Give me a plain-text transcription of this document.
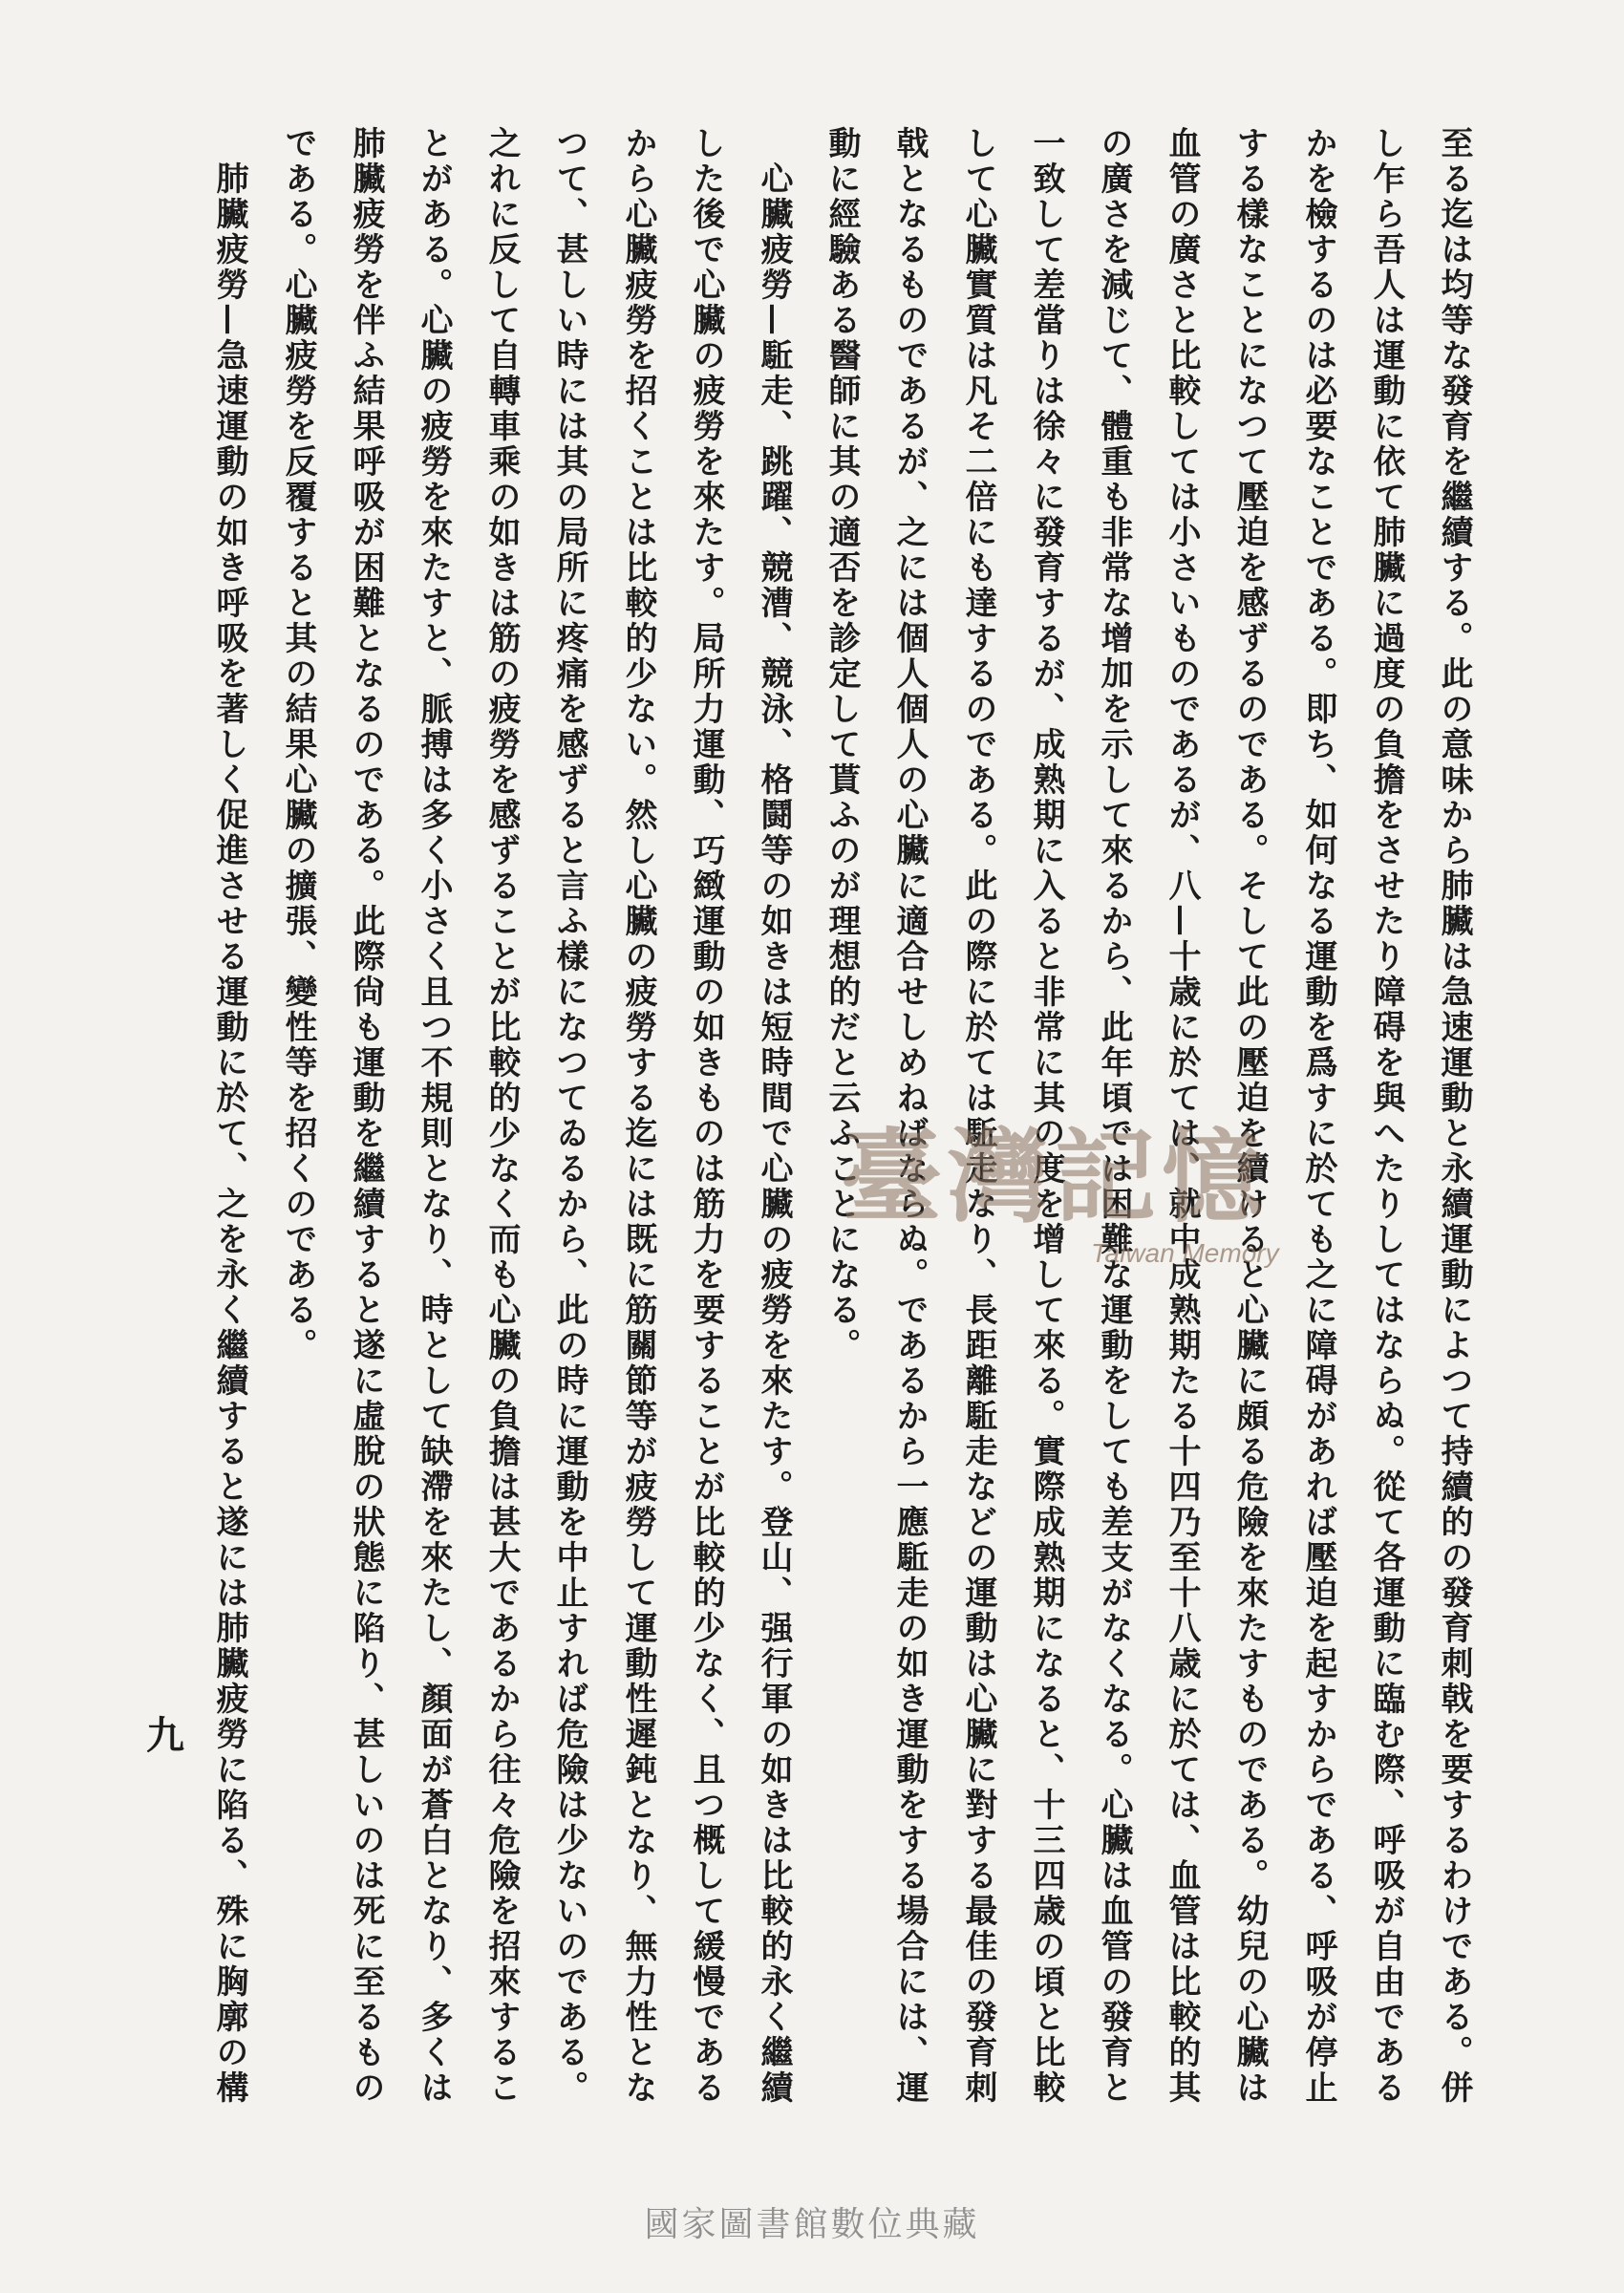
至る迄は均等な發育を繼續する。此の意味から肺臟は急速運動と永續運動によつて持續的の發育刺戟を要するわけである。併
し乍ら吾人は運動に依て肺臟に過度の負擔をさせたり障碍を與へたりしてはならぬ。從て各運動に臨む際、呼吸が自由である
かを檢するのは必要なことである。即ち、如何なる運動を爲すに於ても之に障碍があれば壓迫を起すからである、呼吸が停止
する樣なことになつて壓迫を感ずるのである。そして此の壓迫を續けると心臟に頗る危險を來たすものである。幼兒の心臟は
血管の廣さと比較しては小さいものであるが、八—十歳に於ては、就中成熟期たる十四乃至十八歳に於ては、血管は比較的其
の廣さを減じて、體重も非常な增加を示して來るから、此年頃では困難な運動をしても差支がなくなる。心臟は血管の發育と
一致して差當りは徐々に發育するが、成熟期に入ると非常に其の度を增して來る。實際成熟期になると、十三四歳の頃と比較
して心臟實質は凡そ二倍にも達するのである。此の際に於ては駈走なり、長距離駈走などの運動は心臟に對する最佳の發育刺
戟となるものであるが、之には個人個人の心臟に適合せしめねばならぬ。であるから一應駈走の如き運動をする場合には、運
動に經驗ある醫師に其の適否を診定して貰ふのが理想的だと云ふことになる。
　心臟疲勞—駈走、跳躍、競漕、競泳、格鬪等の如きは短時間で心臟の疲勞を來たす。登山、强行軍の如きは比較的永く繼續
した後で心臟の疲勞を來たす。局所力運動、巧緻運動の如きものは筋力を要することが比較的少なく、且つ概して緩慢である
から心臟疲勞を招くことは比較的少ない。然し心臟の疲勞する迄には既に筋關節等が疲勞して運動性遲鈍となり、無力性とな
つて、甚しい時には其の局所に疼痛を感ずると言ふ樣になつてゐるから、此の時に運動を中止すれば危險は少ないのである。
之れに反して自轉車乘の如きは筋の疲勞を感ずることが比較的少なく而も心臟の負擔は甚大であるから往々危險を招來するこ
とがある。心臟の疲勞を來たすと、脈搏は多く小さく且つ不規則となり、時として缺滯を來たし、顏面が蒼白となり、多くは
肺臟疲勞を伴ふ結果呼吸が困難となるのである。此際尙も運動を繼續すると遂に虛脫の狀態に陷り、甚しいのは死に至るもの
である。心臟疲勞を反覆すると其の結果心臟の擴張、變性等を招くのである。
　肺臟疲勞—急速運動の如き呼吸を著しく促進させる運動に於て、之を永く繼續すると遂には肺臟疲勞に陷る、殊に胸廓の構
九
臺灣記憶
Taiwan Memory
國家圖書館數位典藏
